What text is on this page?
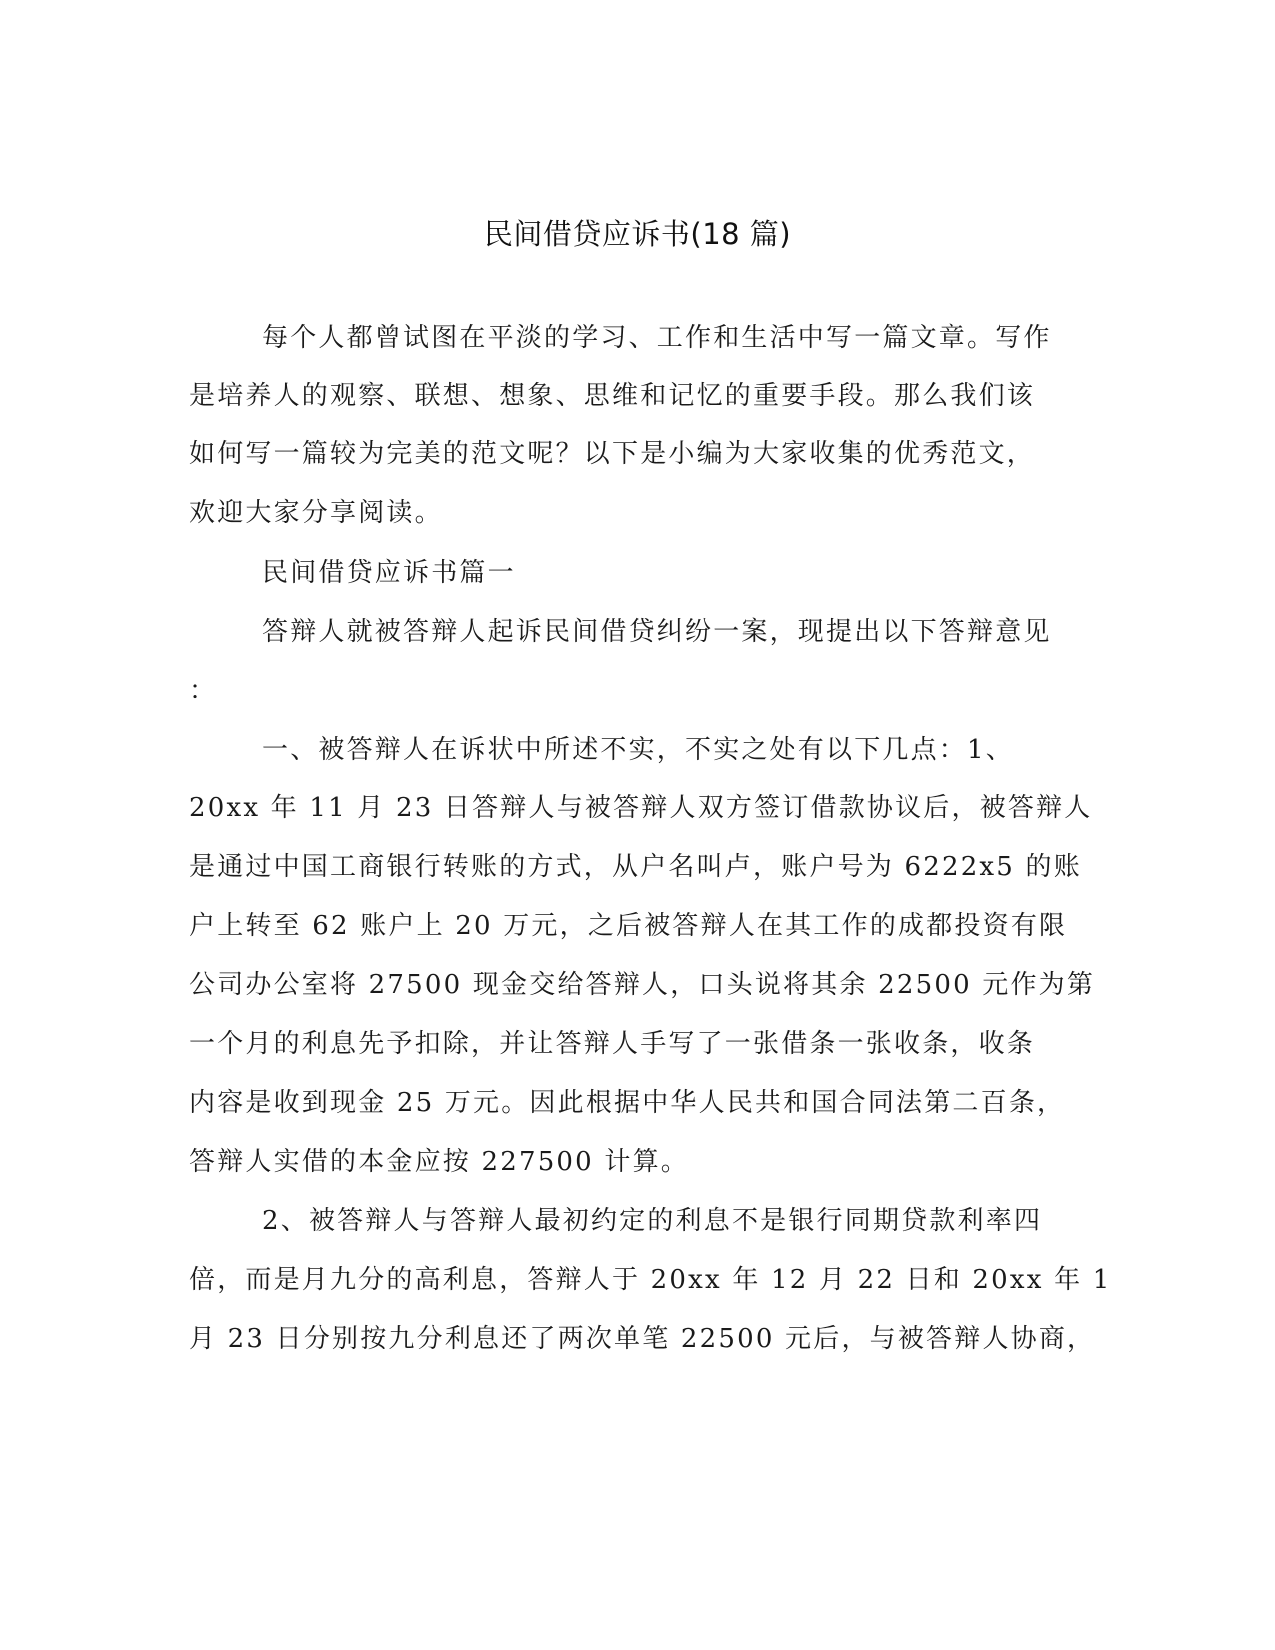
民间借贷应诉书(18 篇)
每个人都曾试图在平淡的学习、工作和生活中写一篇文章。写作
是培养人的观察、联想、想象、思维和记忆的重要手段。那么我们该
如何写一篇较为完美的范文呢？以下是小编为大家收集的优秀范文，
欢迎大家分享阅读。
民间借贷应诉书篇一
答辩人就被答辩人起诉民间借贷纠纷一案，现提出以下答辩意见
：
一、被答辩人在诉状中所述不实，不实之处有以下几点：1、
20xx 年 11 月 23 日答辩人与被答辩人双方签订借款协议后，被答辩人
是通过中国工商银行转账的方式，从户名叫卢，账户号为 6222x5 的账
户上转至 62 账户上 20 万元，之后被答辩人在其工作的成都投资有限
公司办公室将 27500 现金交给答辩人，口头说将其余 22500 元作为第
一个月的利息先予扣除，并让答辩人手写了一张借条一张收条，收条
内容是收到现金 25 万元。因此根据中华人民共和国合同法第二百条，
答辩人实借的本金应按 227500 计算。
2、被答辩人与答辩人最初约定的利息不是银行同期贷款利率四
倍，而是月九分的高利息，答辩人于 20xx 年 12 月 22 日和 20xx 年 1
月 23 日分别按九分利息还了两次单笔 22500 元后，与被答辩人协商，
